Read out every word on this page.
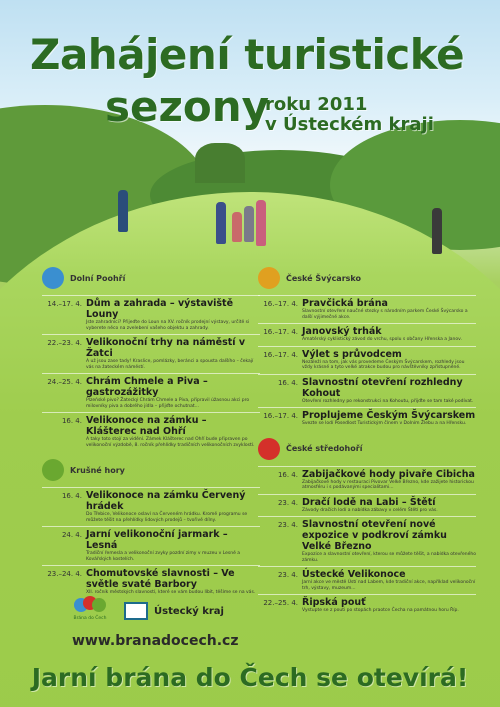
Zahájení turistické
sezony
roku 2011
v Ústeckém kraji
Dolní Poohří
14.–17. 4. Dům a zahrada – výstaviště Louny
Jste zahradníci? Přijeďte do Loun na XV. ročník prodejní výstavy, určitě si vyberete něco na zvelebení vašeho objektu a zahrady.
22.–23. 4. Velikonoční trhy na náměstí v Žatci
A už jsou zase tady! Kraslice, pomlázky, beránci a spousta dalšího – čekají vás na žateckém náměstí.
24.–25. 4. Chrám Chmele a Piva – gastrozážitky
Plzeňské pivo? Žatecký Chrám Chmele a Piva, připravil úžasnou akci pro milovníky piva a dobrého jídla – přijďte ochutnat...
16. 4. Velikonoce na zámku – Klášterec nad Ohří
A taky toto stojí za vidění. Zámek Klášterec nad Ohří bude připraven po velikonoční výzdobě, 8. ročník přehlídky tradičních velikonočních zvyklostí.
Krušné hory
16. 4. Velikonoce na zámku Červený hrádek
Do Třebice, Velikonoce oslaví na Červeném hrádku. Kromě programu se můžete těšit na přehlídky lidových prodejů – tvořivé dílny.
24. 4. Jarní velikonoční jarmark – Lesná
Tradiční řemesla a velikonoční zvyky pozdní zimy v muzeu v Lesné a Kovářských kostelích.
23.–24. 4. Chomutovské slavnosti – Ve světle svaté Barbory
XII. ročník městských slavností, které se vám budou líbit, těšíme se na vás.
České Švýcarsko
16.–17. 4. Pravčická brána
Slavnostní otevření naučné stezky s národním parkem České Švýcarsko a další výjimečné akce.
16.–17. 4. Janovský trhák
Amatérský cyklistický závod do vrchu, spolu s občany Hřenska a Janov.
16.–17. 4. Výlet s průvodcem
Nezáleží na tom, jak vás provedeme Českým Švýcarskem, rozhledy jsou vždy krásné a tyto velké atrakce budou pro návštěvníky zpřístupněné.
16. 4. Slavnostní otevření rozhledny Kohout
Otevření rozhledny po rekonstrukci na Kohoutu, přijďte se tam také podívat.
16.–17. 4. Proplujeme Českým Švýcarskem
Svezte se lodí Posedlost Turistickým čínem v Dolním Žlebu a na Hřensku.
České středohoří
16. 4. Zabijačkové hody pivaře Cibicha
Zabijačkové hody v restauraci Pivovar Velké Březno, kde zažijete historickou atmosféru i s podávanými specialitami...
23. 4. Dračí lodě na Labi – Štětí
Závody dračích lodí a nabídka zábavy v celém Štětí pro vás.
23. 4. Slavnostní otevření nové expozice v podkroví zámku Velké Březno
Expozice a slavnostní otevření, kterou se můžete těšit, a nabídka otevřeného zámku.
23. 4. Ústecké Velikonoce
Jarní akce ve městě Ústí nad Labem, kde tradiční akce, například velikonoční trh, výstavy, muzeum...
22.–25. 4. Řipská pouť
Vystupte se z pouti po stopách praotce Čecha na památnou horu Říp.
Brána do Čech
Ústecký kraj
www.branadocech.cz
Jarní brána do Čech se otevírá!
